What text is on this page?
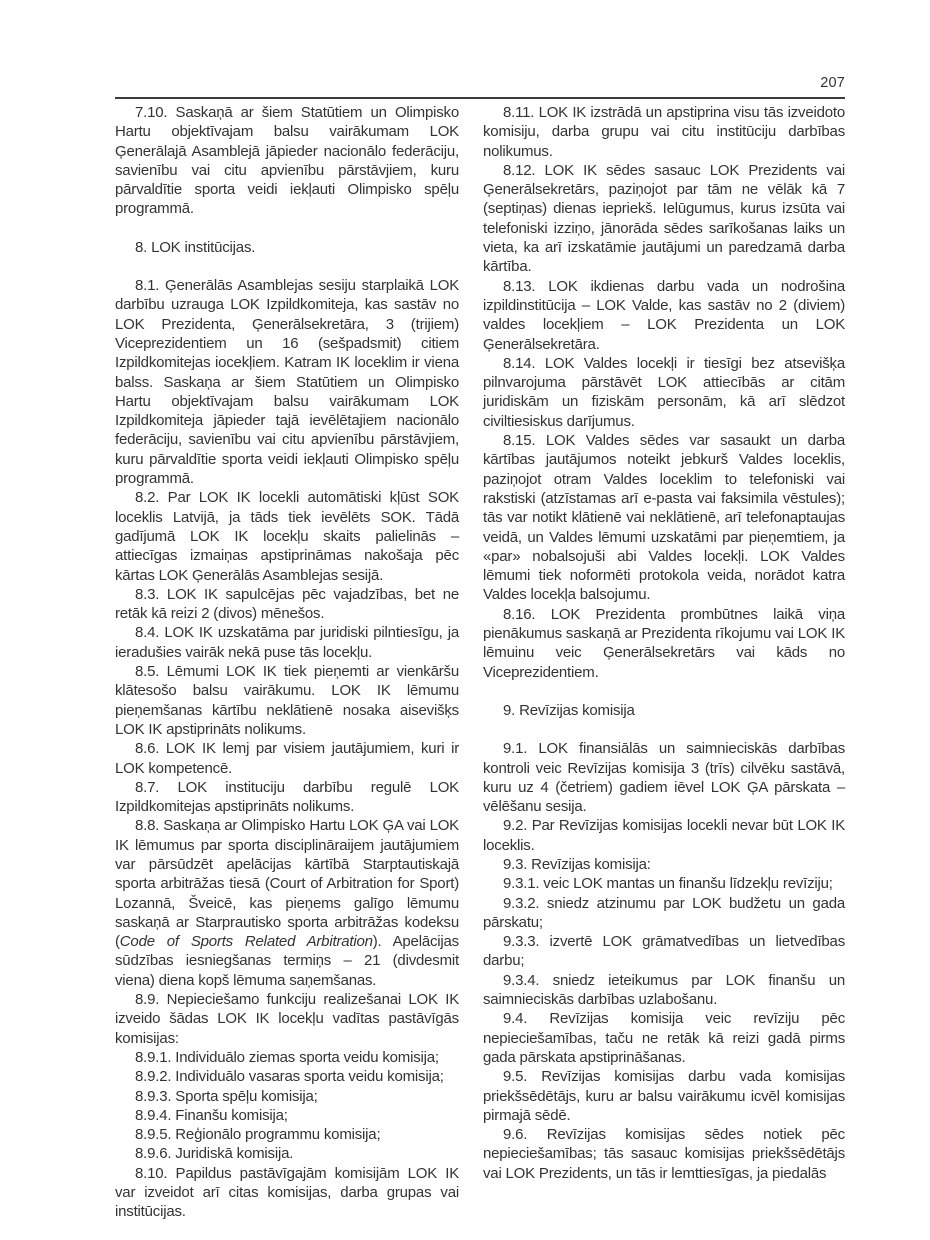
207

7.10. Saskaņā ar šiem Statūtiem un Olimpisko Hartu objektīvajam balsu vairākumam LOK Ģenerālajā Asamblejā jāpieder nacionālo federāciju, savienību vai citu apvienību pārstāvjiem, kuru pārvaldītie sporta veidi iekļauti Olimpisko spēļu programmā.

8. LOK institūcijas.

8.1. Ģenerālās Asamblejas sesiju starplaikā LOK darbību uzrauga LOK Izpildkomiteja, kas sastāv no LOK Prezidenta, Ģenerālsekretāra, 3 (trijiem) Viceprezidentiem un 16 (sešpadsmit) citiem Izpildkomitejas iocekļiem. Katram IK loceklim ir viena balss. Saskaņa ar šiem Statūtiem un Olimpisko Hartu objektīvajam balsu vairākumam LOK Izpildkomiteja jāpieder tajā ievēlētajiem nacionālo federāciju, savienību vai citu apvienību pārstāvjiem, kuru pārvaldītie sporta veidi iekļauti Olimpisko spēļu programmā.

8.2. Par LOK IK locekli automātiski kļūst SOK loceklis Latvijā, ja tāds tiek ievēlēts SOK. Tādā gadījumā LOK IK locekļu skaits palielinās – attiecīgas izmaiņas apstiprināmas nakošaja pēc kārtas LOK Ģenerālās Asamblejas sesijā.

8.3. LOK IK sapulcējas pēc vajadzības, bet ne retāk kā reizi 2 (divos) mēnešos.

8.4. LOK IK uzskatāma par juridiski pilntiesīgu, ja ieradušies vairāk nekā puse tās locekļu.

8.5. Lēmumi LOK IK tiek pieņemti ar vienkāršu klātesošo balsu vairākumu. LOK IK lēmumu pieņemšanas kārtību neklātienē nosaka aisevišķs LOK IK apstiprināts nolikums.

8.6. LOK IK lemj par visiem jautājumiem, kuri ir LOK kompetencē.

8.7. LOK instituciju darbību regulē LOK Izpildkomitejas apstiprināts nolikums.

8.8. Saskaņa ar Olimpisko Hartu LOK ĢA vai LOK IK lēmumus par sporta disciplināraijem jautājumiem var pārsūdzēt apelācijas kārtībā Starptautiskajā sporta arbitrāžas tiesā (Court of Arbitration for Sport) Lozannā, Šveicē, kas pieņems galīgo lēmumu saskaņā ar Starprautisko sporta arbitrāžas kodeksu (Code of Sports Related Arbitration). Apelācijas sūdzības iesniegšanas termiņs – 21 (divdesmit viena) diena kopš lēmuma saņemšanas.

8.9. Nepieciešamo funkciju realizešanai LOK IK izveido šādas LOK IK locekļu vadītas pastāvīgās komisijas:

8.9.1. Individuālo ziemas sporta veidu komisija;

8.9.2. Individuālo vasaras sporta veidu komisija;

8.9.3. Sporta spēļu komisija;

8.9.4. Finanšu komisija;

8.9.5. Reģionālo programmu komisija;

8.9.6. Juridiskā komisija.

8.10. Papildus pastāvīgajām komisijām LOK IK var izveidot arī citas komisijas, darba grupas vai institūcijas.

8.11. LOK IK izstrādā un apstiprina visu tās izveidoto komisiju, darba grupu vai citu institūciju darbības nolikumus.

8.12. LOK IK sēdes sasauc LOK Prezidents vai Ģenerālsekretārs, paziņojot par tām ne vēlāk kā 7 (septiņas) dienas iepriekš. Ielūgumus, kurus izsūta vai telefoniski izziņo, jānorāda sēdes sarīkošanas laiks un vieta, ka arī izskatāmie jautājumi un paredzamā darba kārtība.

8.13. LOK ikdienas darbu vada un nodrošina izpildinstitūcija – LOK Valde, kas sastāv no 2 (diviem) valdes locekļiem – LOK Prezidenta un LOK Ģenerālsekretāra.

8.14. LOK Valdes locekļi ir tiesīgi bez atsevišķa pilnvarojuma pārstāvēt LOK attiecībās ar citām juridiskām un fiziskām personām, kā arī slēdzot civiltiesiskus darījumus.

8.15. LOK Valdes sēdes var sasaukt un darba kārtības jautājumos noteikt jebkurš Valdes loceklis, paziņojot otram Valdes loceklim to telefoniski vai rakstiski (atzīstamas arī e-pasta vai faksimila vēstules); tās var notikt klātienē vai neklātienē, arī telefonaptaujas veidā, un Valdes lēmumi uzskatāmi par pieņemtiem, ja «par» nobalsojuši abi Valdes locekļi. LOK Valdes lēmumi tiek noformēti protokola veida, norādot katra Valdes locekļa balsojumu.

8.16. LOK Prezidenta prombūtnes laikā viņa pienākumus saskaņā ar Prezidenta rīkojumu vai LOK IK lēmuinu veic Ģenerālsekretārs vai kāds no Viceprezidentiem.

9. Revīzijas komisija

9.1. LOK finansiālās un saimnieciskās darbības kontroli veic Revīzijas komisija 3 (trīs) cilvēku sastāvā, kuru uz 4 (četriem) gadiem iēvel LOK ĢA pārskata – vēlēšanu sesija.

9.2. Par Revīzijas komisijas locekli nevar būt LOK IK loceklis.

9.3. Revīzijas komisija:

9.3.1. veic LOK mantas un finanšu līdzekļu revīziju;

9.3.2. sniedz atzinumu par LOK budžetu un gada pārskatu;

9.3.3. izvertē LOK grāmatvedības un lietvedības darbu;

9.3.4. sniedz ieteikumus par LOK finanšu un saimnieciskās darbības uzlabošanu.

9.4. Revīzijas komisija veic revīziju pēc nepieciešamības, taču ne retāk kā reizi gadā pirms gada pārskata apstiprināšanas.

9.5. Revīzijas komisijas darbu vada komisijas priekšsēdētājs, kuru ar balsu vairākumu icvēl komisijas pirmajā sēdē.

9.6. Revīzijas komisijas sēdes notiek pēc nepieciešamības; tās sasauc komisijas priekšsēdētājs vai LOK Prezidents, un tās ir lemttiesīgas, ja piedalās
